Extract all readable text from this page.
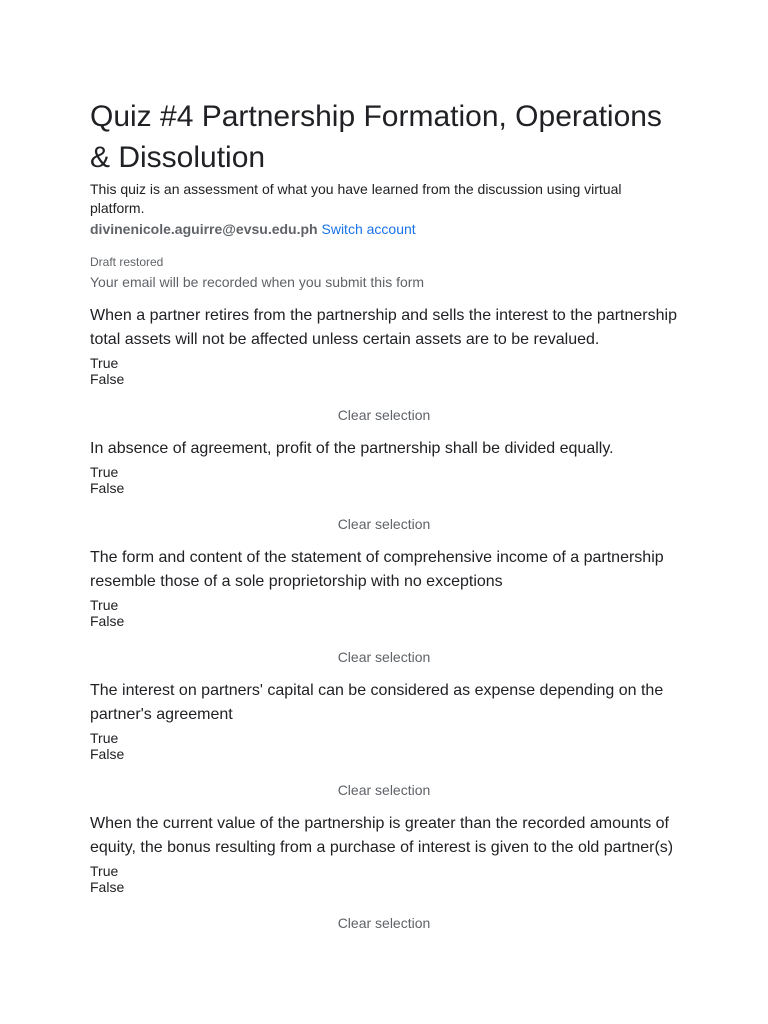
Quiz #4 Partnership Formation, Operations & Dissolution
This quiz is an assessment of what you have learned from the discussion using virtual platform.
divinenicole.aguirre@evsu.edu.ph Switch account
Draft restored
Your email will be recorded when you submit this form
When a partner retires from the partnership and sells the interest to the partnership total assets will not be affected unless certain assets are to be revalued.
True
False
Clear selection
In absence of agreement, profit of the partnership shall be divided equally.
True
False
Clear selection
The form and content of the statement of comprehensive income of a partnership resemble those of a sole proprietorship with no exceptions
True
False
Clear selection
The interest on partners' capital can be considered as expense depending on the partner's agreement
True
False
Clear selection
When the current value of the partnership is greater than the recorded amounts of equity, the bonus resulting from a purchase of interest is given to the old partner(s)
True
False
Clear selection
